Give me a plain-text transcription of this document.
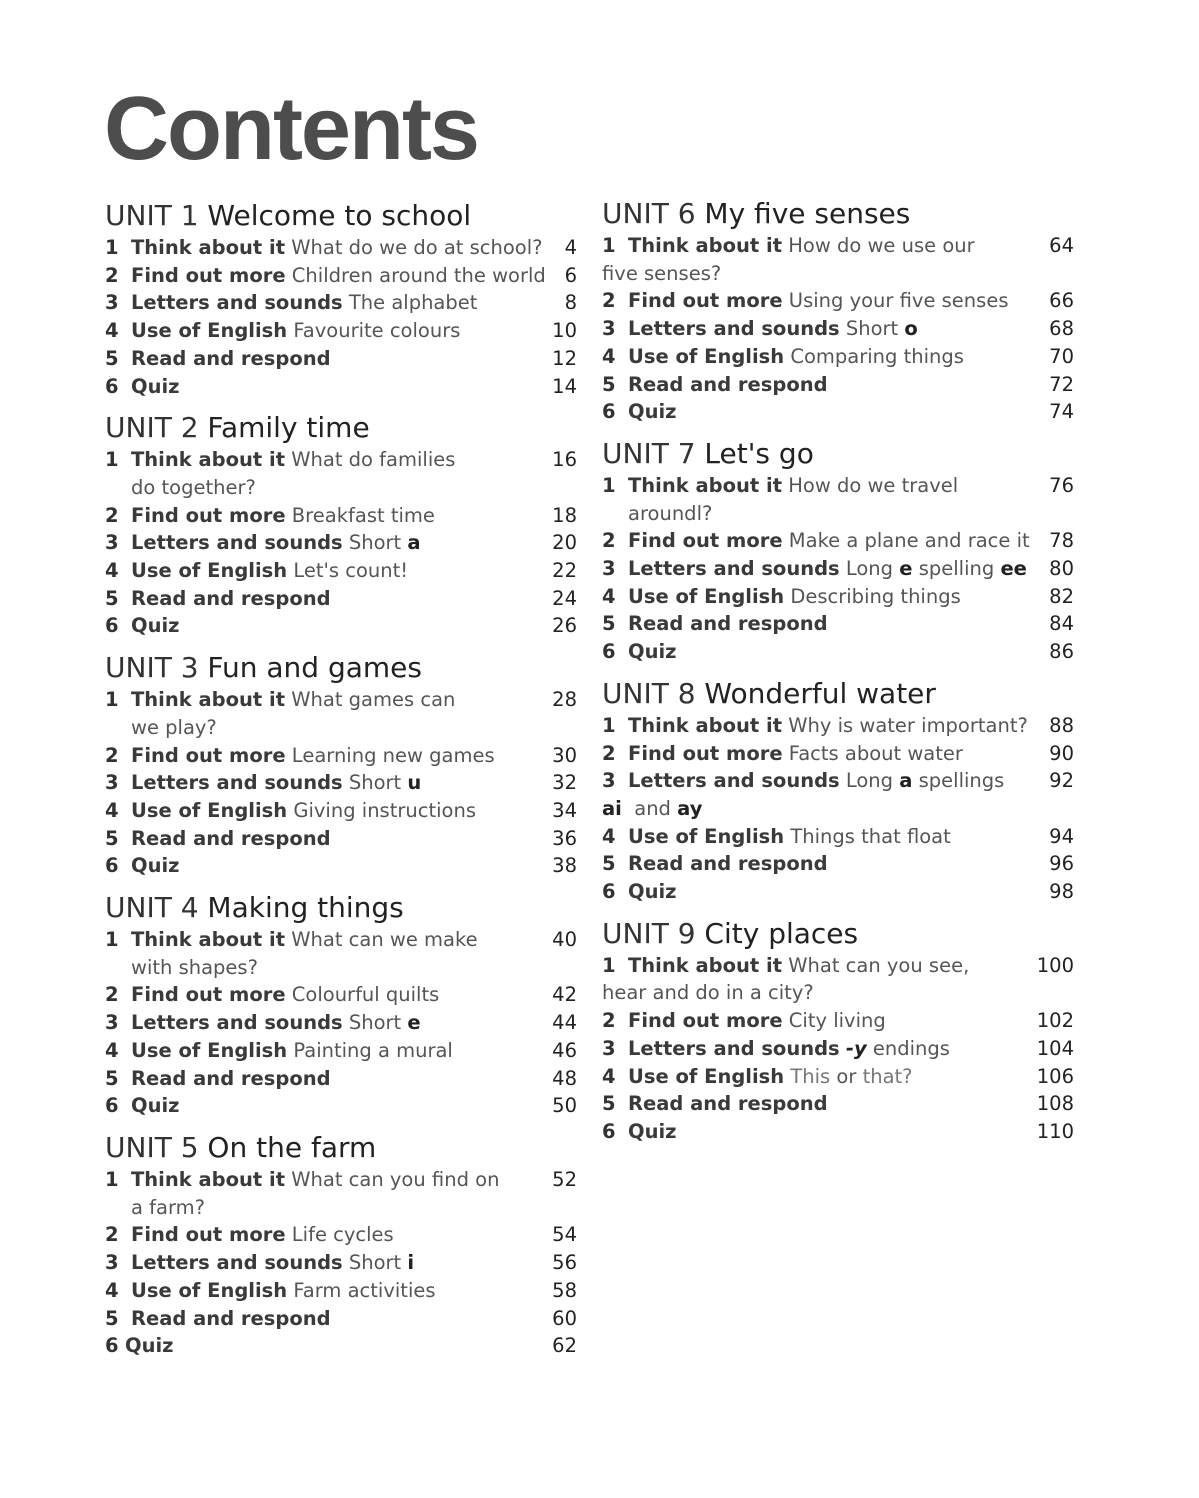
Contents
UNIT 1 Welcome to school
1 Think about it What do we do at school? 4
2 Find out more Children around the world 6
3 Letters and sounds The alphabet	8
4 Use of English Favourite colours	10
5 Read and respond	12
6 Quiz	14
UNIT 2 Family time
1 Think about it What do families	16
do together?
2 Find out more Breakfast time	18
3 Letters and sounds Short a	20
4 Use of English Let's count!	22
5 Read and respond	24
6 Quiz	26
UNIT 3 Fun and games
1 Think about it What games can	28
we play?
2 Find out more Learning new games	30
3 Letters and sounds Short u	32
4 Use of English Giving instructions	34
5 Read and respond	36
6 Quiz	38
UNIT 4 Making things
1 Think about it What can we make	40
with shapes?
2 Find out more Colourful quilts	42
3 Letters and sounds Short e	44
4 Use of English Painting a mural	46
5 Read and respond	48
6 Quiz	50
UNIT 5 On the farm
1 Think about it What can you find on	52
a farm?
2 Find out more Life cycles	54
3 Letters and sounds Short i	56
4 Use of English Farm activities	58
5 Read and respond	60
6 Quiz	62
UNIT 6 My five senses
1 Think about it How do we use our	64
five senses?
2 Find out more Using your five senses 66
3 Letters and sounds Short o	68
4 Use of English Comparing things	70
5 Read and respond	72
6 Quiz	74
UNIT 7 Let's go
1 Think about it How do we travel	76
aroundl?
2 Find out more Make a plane and race it 78
3 Letters and sounds Long e spelling ee 80
4 Use of English Describing things	82
5 Read and respond	84
6 Quiz	86
UNIT 8 Wonderful water
1 Think about it Why is water important? 88
2 Find out more Facts about water	90
3 Letters and sounds Long a spellings 92
ai and ay
4 Use of English Things that float	94
5 Read and respond	96
6 Quiz	98
UNIT 9 City places
1 Think about it What can you see,	100
hear and do in a city?
2 Find out more City living	102
3 Letters and sounds -y endings	104
4 Use of English This or that?	106
5 Read and respond	108
6 Quiz	110
